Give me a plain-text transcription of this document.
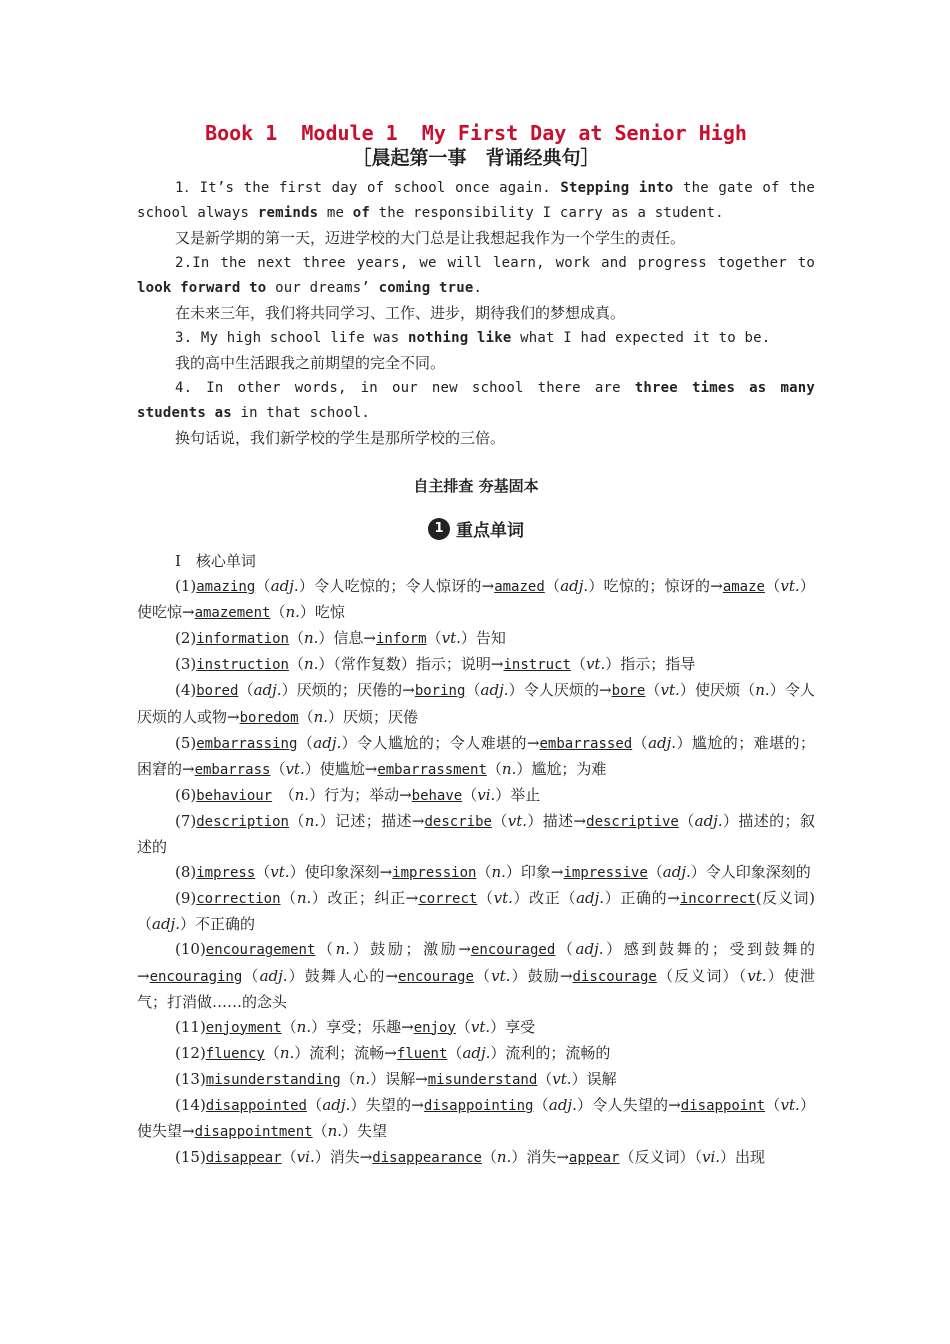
Book 1  Module 1  My First Day at Senior High
［晨起第一事　背诵经典句］

1．It’s the first day of school once again. Stepping into the gate of the school always reminds me of the responsibility I carry as a student.

又是新学期的第一天，迈进学校的大门总是让我想起我作为一个学生的责任。

2.In the next three years, we will learn, work and progress together to look forward to our dreams’ coming true.

在未来三年，我们将共同学习、工作、进步，期待我们的梦想成真。

3. My high school life was nothing like what I had expected it to be.

我的高中生活跟我之前期望的完全不同。

4. In other words, in our new school there are three times as many students as in that school.

换句话说，我们新学校的学生是那所学校的三倍。

自主排查 夯基固本
1 重点单词

Ⅰ　核心单词

(1)amazing（adj.）令人吃惊的；令人惊讶的→amazed（adj.）吃惊的；惊讶的→amaze（vt.）使吃惊→amazement（n.）吃惊

(2)information（n.）信息→inform（vt.）告知

(3)instruction（n.）（常作复数）指示；说明→instruct（vt.）指示；指导

(4)bored（adj.）厌烦的；厌倦的→boring（adj.）令人厌烦的→bore（vt.）使厌烦（n.）令人厌烦的人或物→boredom（n.）厌烦；厌倦

(5)embarrassing（adj.）令人尴尬的；令人难堪的→embarrassed（adj.）尴尬的；难堪的；困窘的→embarrass（vt.）使尴尬→embarrassment（n.）尴尬；为难

(6)behaviour　（n.）行为；举动→behave（vi.）举止

(7)description（n.）记述；描述→describe（vt.）描述→descriptive（adj.）描述的；叙述的

(8)impress（vt.）使印象深刻→impression（n.）印象→impressive（adj.）令人印象深刻的

(9)correction（n.）改正；纠正→correct（vt.）改正（adj.）正确的→incorrect(反义词)（adj.）不正确的

(10)encouragement（n.）鼓励；激励→encouraged（adj.）感到鼓舞的；受到鼓舞的→encouraging（adj.）鼓舞人心的→encourage（vt.）鼓励→discourage（反义词）（vt.）使泄气；打消做……的念头

(11)enjoyment（n.）享受；乐趣→enjoy（vt.）享受

(12)fluency（n.）流利；流畅→fluent（adj.）流利的；流畅的

(13)misunderstanding（n.）误解→misunderstand（vt.）误解

(14)disappointed（adj.）失望的→disappointing（adj.）令人失望的→disappoint（vt.）使失望→disappointment（n.）失望

(15)disappear（vi.）消失→disappearance（n.）消失→appear（反义词）（vi.）出现
